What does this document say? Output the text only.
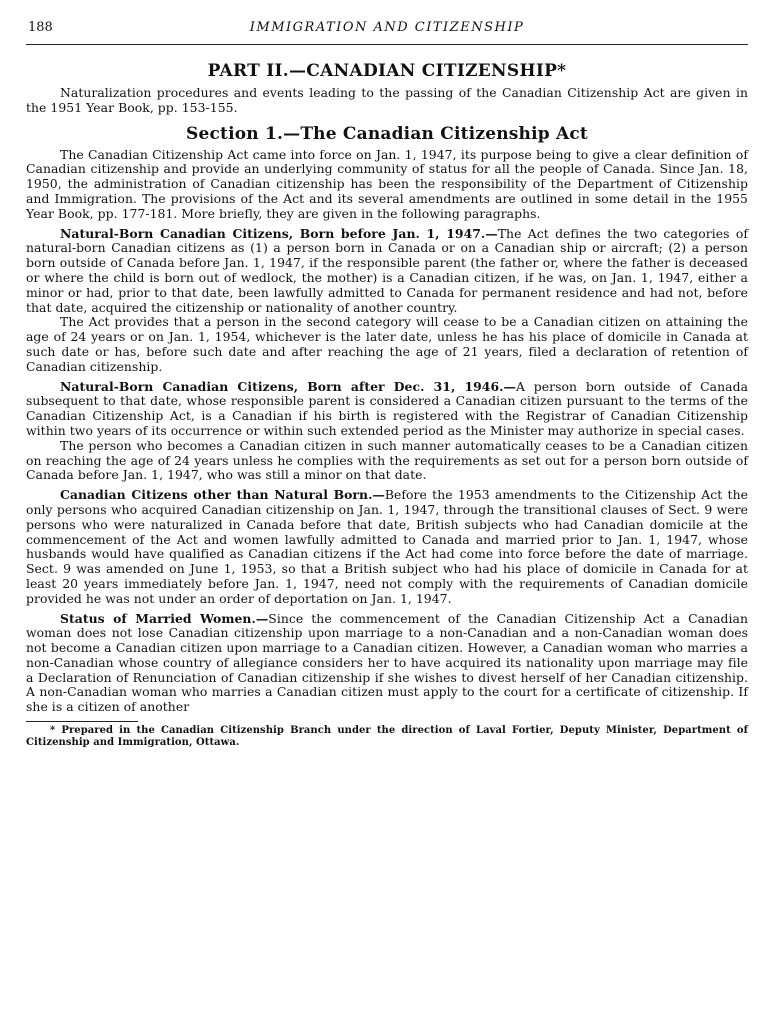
188	IMMIGRATION AND CITIZENSHIP
PART II.—CANADIAN CITIZENSHIP*

Naturalization procedures and events leading to the passing of the Canadian Citizenship Act are given in the 1951 Year Book, pp. 153-155.

Section 1.—The Canadian Citizenship Act

The Canadian Citizenship Act came into force on Jan. 1, 1947, its purpose being to give a clear definition of Canadian citizenship and provide an underlying community of status for all the people of Canada. Since Jan. 18, 1950, the administration of Canadian citizenship has been the responsibility of the Department of Citizenship and Immigration. The provisions of the Act and its several amendments are outlined in some detail in the 1955 Year Book, pp. 177-181. More briefly, they are given in the following paragraphs.

Natural-Born Canadian Citizens, Born before Jan. 1, 1947.—The Act defines the two categories of natural-born Canadian citizens as (1) a person born in Canada or on a Canadian ship or aircraft; (2) a person born outside of Canada before Jan. 1, 1947, if the responsible parent (the father or, where the father is deceased or where the child is born out of wedlock, the mother) is a Canadian citizen, if he was, on Jan. 1, 1947, either a minor or had, prior to that date, been lawfully admitted to Canada for permanent residence and had not, before that date, acquired the citizenship or nationality of another country.

The Act provides that a person in the second category will cease to be a Canadian citizen on attaining the age of 24 years or on Jan. 1, 1954, whichever is the later date, unless he has his place of domicile in Canada at such date or has, before such date and after reaching the age of 21 years, filed a declaration of retention of Canadian citizenship.

Natural-Born Canadian Citizens, Born after Dec. 31, 1946.—A person born outside of Canada subsequent to that date, whose responsible parent is considered a Canadian citizen pursuant to the terms of the Canadian Citizenship Act, is a Canadian if his birth is registered with the Registrar of Canadian Citizenship within two years of its occurrence or within such extended period as the Minister may authorize in special cases.

The person who becomes a Canadian citizen in such manner automatically ceases to be a Canadian citizen on reaching the age of 24 years unless he complies with the requirements as set out for a person born outside of Canada before Jan. 1, 1947, who was still a minor on that date.

Canadian Citizens other than Natural Born.—Before the 1953 amendments to the Citizenship Act the only persons who acquired Canadian citizenship on Jan. 1, 1947, through the transitional clauses of Sect. 9 were persons who were naturalized in Canada before that date, British subjects who had Canadian domicile at the commencement of the Act and women lawfully admitted to Canada and married prior to Jan. 1, 1947, whose husbands would have qualified as Canadian citizens if the Act had come into force before the date of marriage. Sect. 9 was amended on June 1, 1953, so that a British subject who had his place of domicile in Canada for at least 20 years immediately before Jan. 1, 1947, need not comply with the requirements of Canadian domicile provided he was not under an order of deportation on Jan. 1, 1947.

Status of Married Women.—Since the commencement of the Canadian Citizenship Act a Canadian woman does not lose Canadian citizenship upon marriage to a non-Canadian and a non-Canadian woman does not become a Canadian citizen upon marriage to a Canadian citizen. However, a Canadian woman who marries a non-Canadian whose country of allegiance considers her to have acquired its nationality upon marriage may file a Declaration of Renunciation of Canadian citizenship if she wishes to divest herself of her Canadian citizenship. A non-Canadian woman who marries a Canadian citizen must apply to the court for a certificate of citizenship. If she is a citizen of another

* Prepared in the Canadian Citizenship Branch under the direction of Laval Fortier, Deputy Minister, Department of Citizenship and Immigration, Ottawa.
